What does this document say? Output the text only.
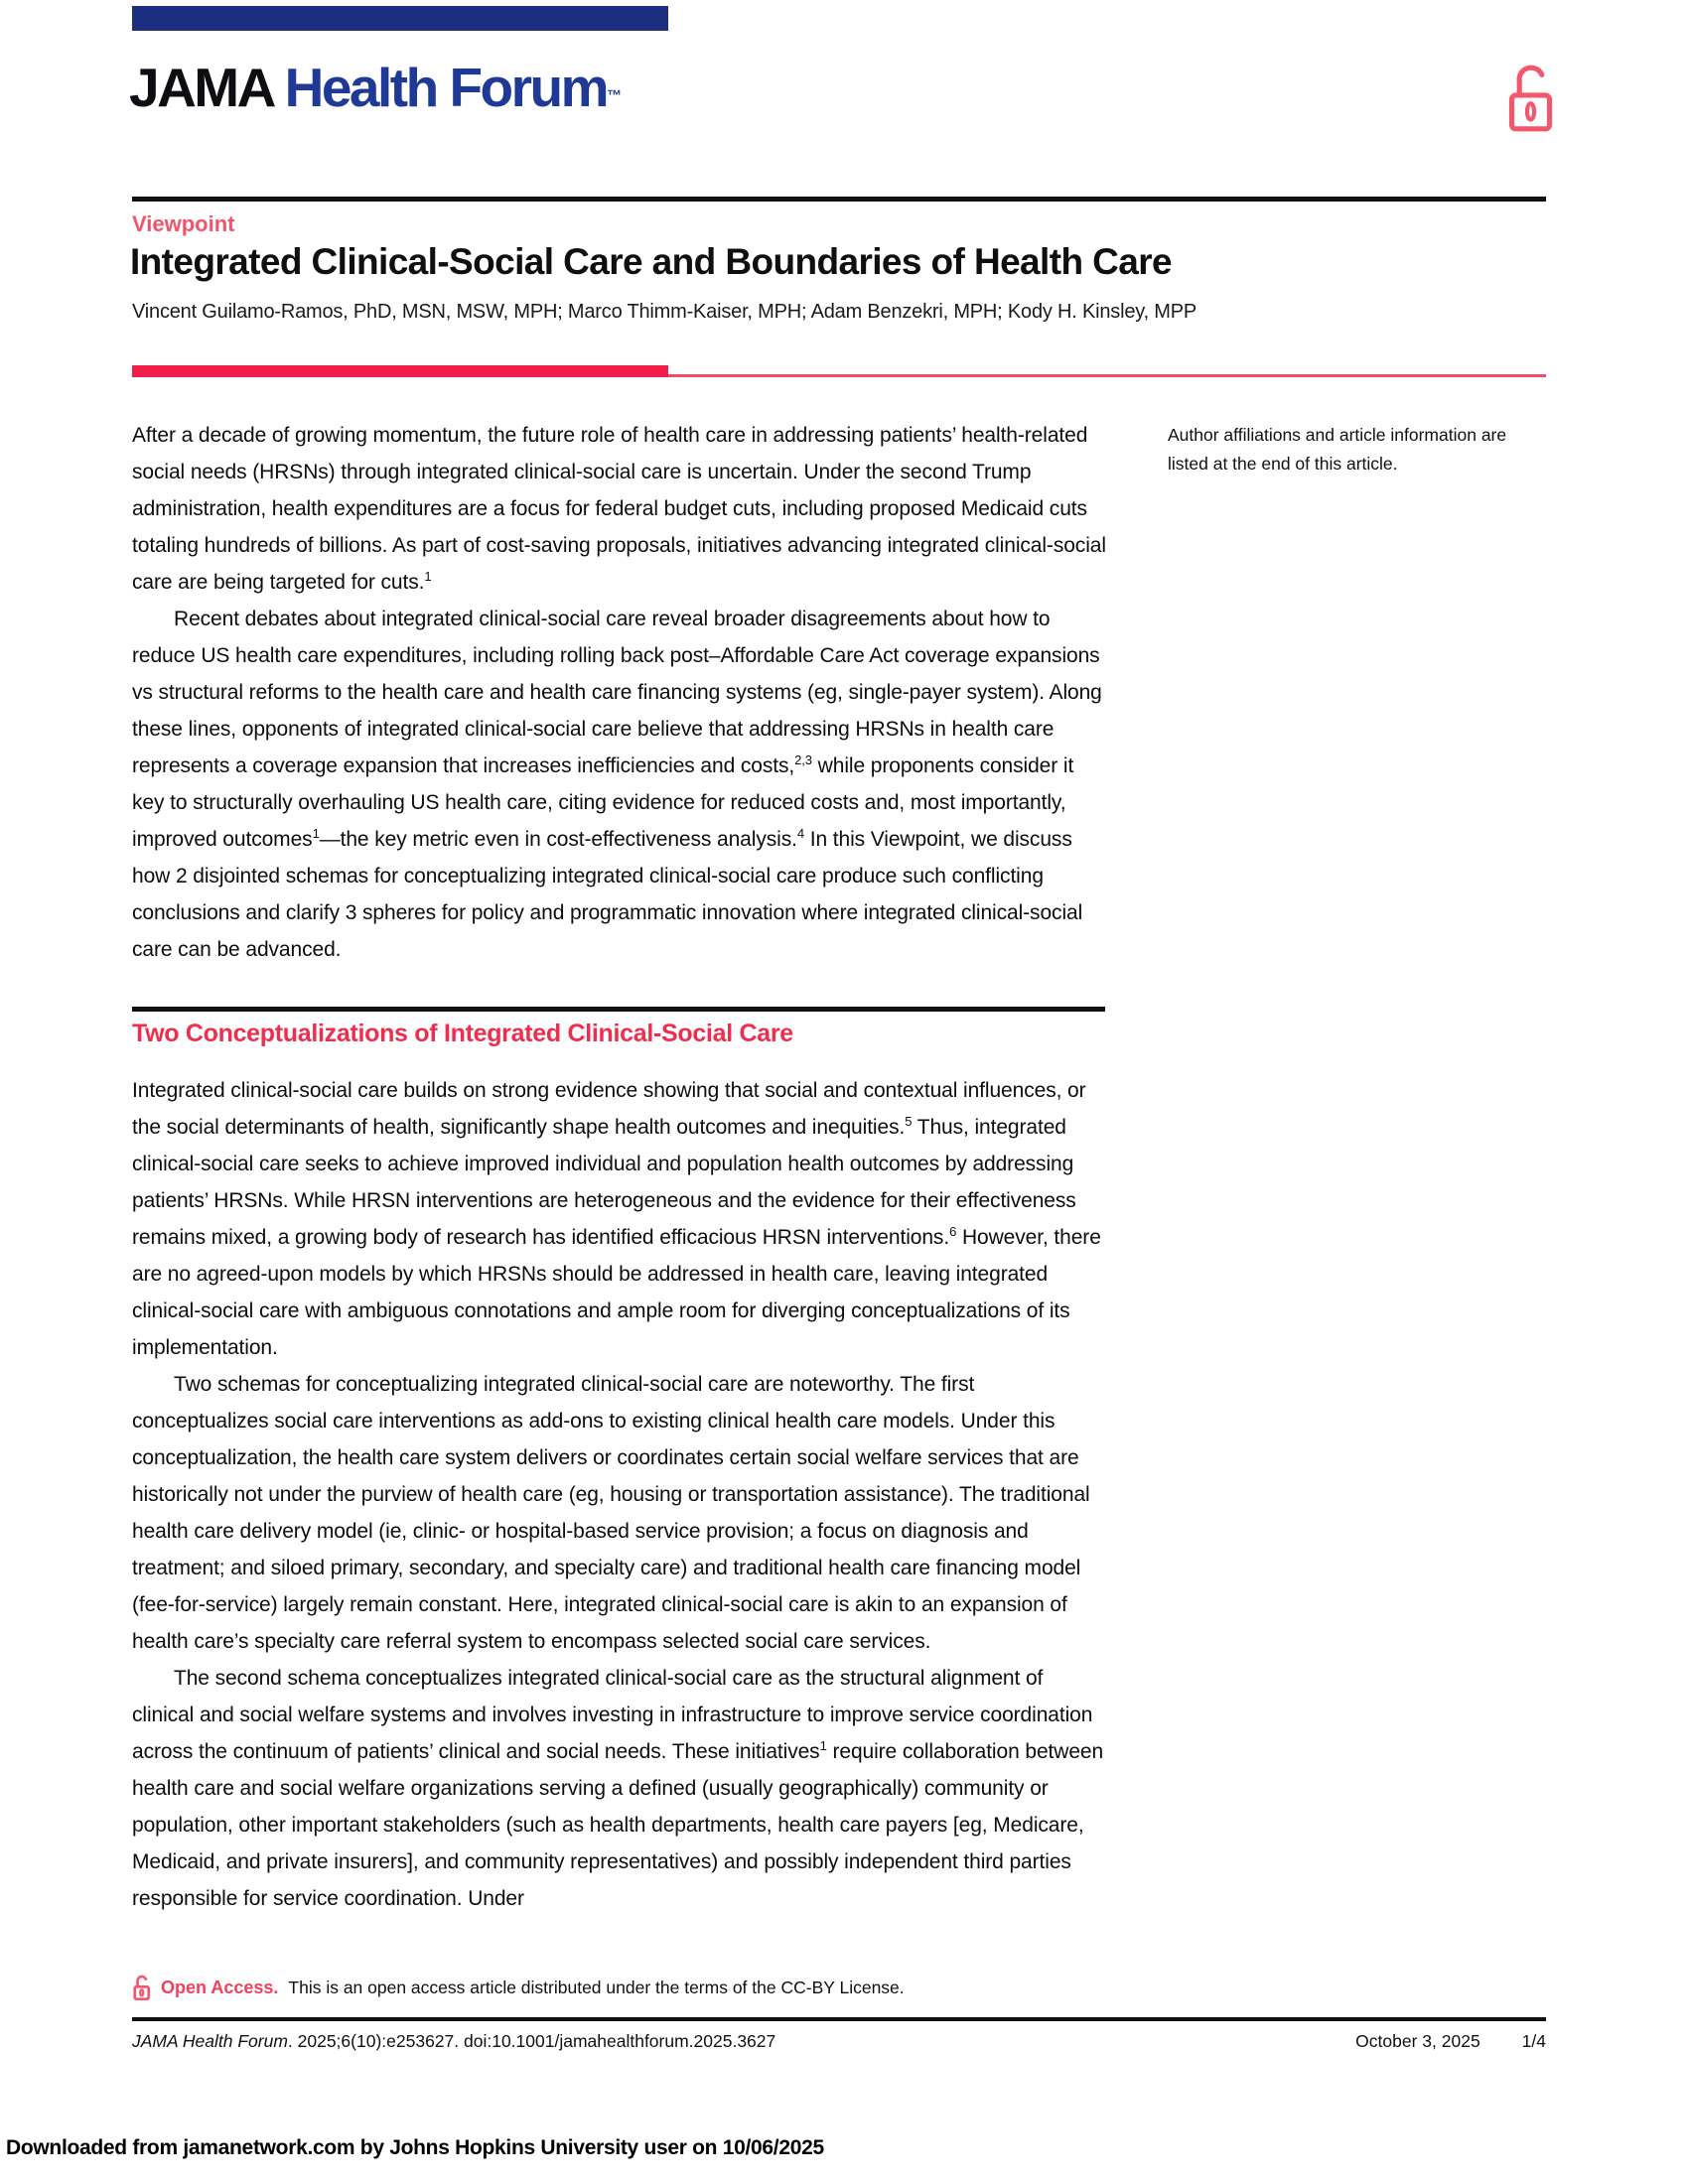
JAMA Health Forum™
Viewpoint
Integrated Clinical-Social Care and Boundaries of Health Care
Vincent Guilamo-Ramos, PhD, MSN, MSW, MPH; Marco Thimm-Kaiser, MPH; Adam Benzekri, MPH; Kody H. Kinsley, MPP

After a decade of growing momentum, the future role of health care in addressing patients’ health-related social needs (HRSNs) through integrated clinical-social care is uncertain. Under the second Trump administration, health expenditures are a focus for federal budget cuts, including proposed Medicaid cuts totaling hundreds of billions. As part of cost-saving proposals, initiatives advancing integrated clinical-social care are being targeted for cuts.$^1$

Recent debates about integrated clinical-social care reveal broader disagreements about how to reduce US health care expenditures, including rolling back post–Affordable Care Act coverage expansions vs structural reforms to the health care and health care financing systems (eg, single-payer system). Along these lines, opponents of integrated clinical-social care believe that addressing HRSNs in health care represents a coverage expansion that increases inefficiencies and costs,$^{2,3}$ while proponents consider it key to structurally overhauling US health care, citing evidence for reduced costs and, most importantly, improved outcomes$^1$—the key metric even in cost-effectiveness analysis.$^4$ In this Viewpoint, we discuss how 2 disjointed schemas for conceptualizing integrated clinical-social care produce such conflicting conclusions and clarify 3 spheres for policy and programmatic innovation where integrated clinical-social care can be advanced.

Author affiliations and article information are listed at the end of this article.
Two Conceptualizations of Integrated Clinical-Social Care

Integrated clinical-social care builds on strong evidence showing that social and contextual influences, or the social determinants of health, significantly shape health outcomes and inequities.$^5$ Thus, integrated clinical-social care seeks to achieve improved individual and population health outcomes by addressing patients’ HRSNs. While HRSN interventions are heterogeneous and the evidence for their effectiveness remains mixed, a growing body of research has identified efficacious HRSN interventions.$^6$ However, there are no agreed-upon models by which HRSNs should be addressed in health care, leaving integrated clinical-social care with ambiguous connotations and ample room for diverging conceptualizations of its implementation.

Two schemas for conceptualizing integrated clinical-social care are noteworthy. The first conceptualizes social care interventions as add-ons to existing clinical health care models. Under this conceptualization, the health care system delivers or coordinates certain social welfare services that are historically not under the purview of health care (eg, housing or transportation assistance). The traditional health care delivery model (ie, clinic- or hospital-based service provision; a focus on diagnosis and treatment; and siloed primary, secondary, and specialty care) and traditional health care financing model (fee-for-service) largely remain constant. Here, integrated clinical-social care is akin to an expansion of health care’s specialty care referral system to encompass selected social care services.

The second schema conceptualizes integrated clinical-social care as the structural alignment of clinical and social welfare systems and involves investing in infrastructure to improve service coordination across the continuum of patients’ clinical and social needs. These initiatives$^1$ require collaboration between health care and social welfare organizations serving a defined (usually geographically) community or population, other important stakeholders (such as health departments, health care payers [eg, Medicare, Medicaid, and private insurers], and community representatives) and possibly independent third parties responsible for service coordination. Under

Open Access. This is an open access article distributed under the terms of the CC-BY License.
JAMA Health Forum. 2025;6(10):e253627. doi:10.1001/jamahealthforum.2025.3627	October 3, 2025 1/4
Downloaded from jamanetwork.com by Johns Hopkins University user on 10/06/2025
